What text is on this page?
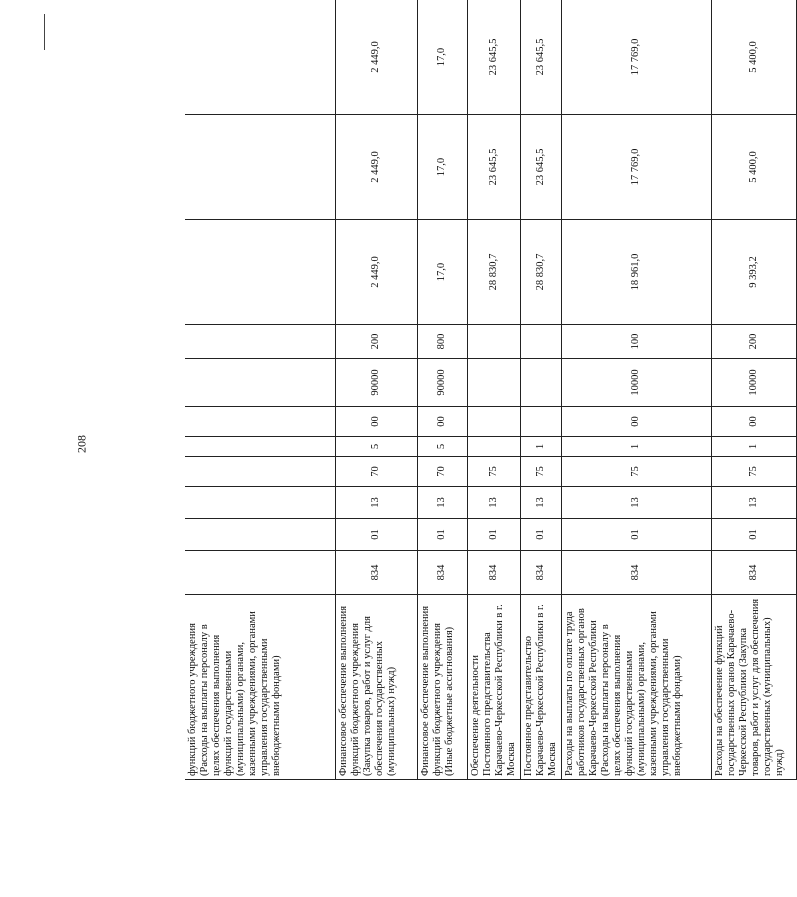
208
функций бюджетного учреждения (Расходы на выплаты персоналу в целях обеспечения выполнения функций государственными (муниципальными) органами, казенными учреждениями, органами управления государственными внебюджетными фондами)											
Финансовое обеспечение выполнения функций бюджетного учреждения (Закупка товаров, работ и услуг для обеспечения государственных (муниципальных) нужд)	834	01	13	70	5	00	90000	200	2 449,0	2 449,0	2 449,0
Финансовое обеспечение выполнения функций бюджетного учреждения (Иные бюджетные ассигнования)	834	01	13	70	5	00	90000	800	17,0	17,0	17,0
Обеспечение деятельности Постоянного представительства Карачаево-Черкесской Республики в г. Москва	834	01	13	75					28 830,7	23 645,5	23 645,5
Постоянное представительство Карачаево-Черкесской Республики в г. Москва	834	01	13	75	1				28 830,7	23 645,5	23 645,5
Расходы на выплаты по оплате труда работников государственных органов Карачаево-Черкесской Республики (Расходы на выплаты персоналу в целях обеспечения выполнения функций государственными (муниципальными) органами, казенными учреждениями, органами управления государственными внебюджетными фондами)	834	01	13	75	1	00	10000	100	18 961,0	17 769,0	17 769,0
Расходы на обеспечение функций государственных органов Карачаево-Черкесской Республики (Закупка товаров, работ и услуг для обеспечения государственных (муниципальных) нужд)	834	01	13	75	1	00	10000	200	9 393,2	5 400,0	5 400,0
